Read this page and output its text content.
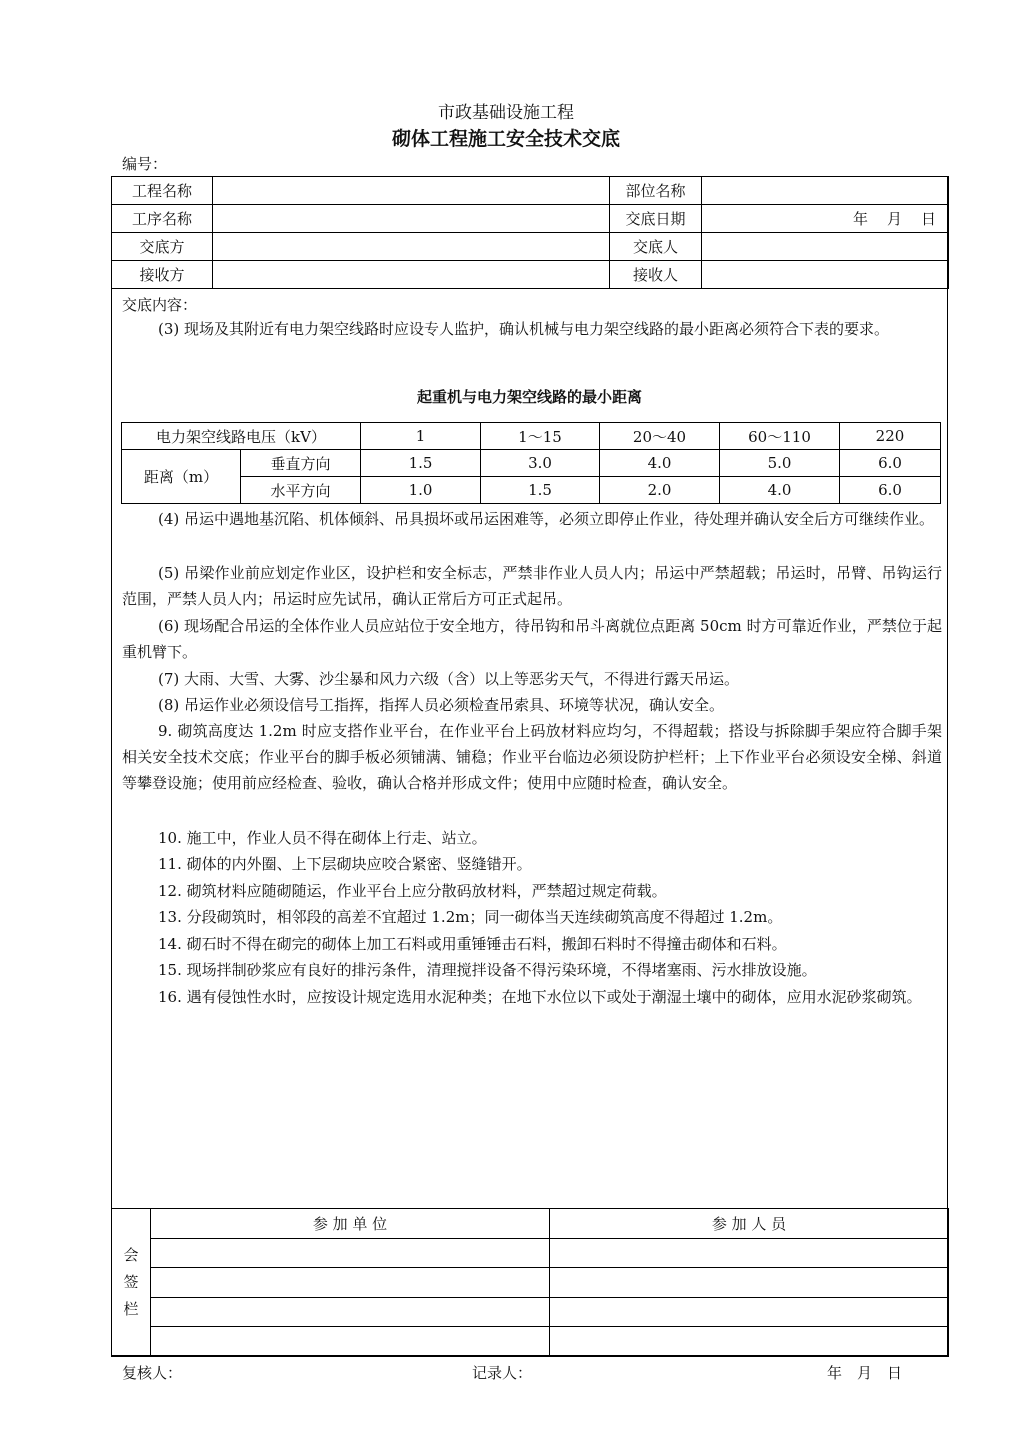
市政基础设施工程
砌体工程施工安全技术交底
编号：
工程名称		部位名称	
工序名称		交底日期	年　月　日
交底方		交底人	
接收方		接收人	
交底内容：
(3) 现场及其附近有电力架空线路时应设专人监护，确认机械与电力架空线路的最小距离必须符合下表的要求。
起重机与电力架空线路的最小距离
电力架空线路电压（kV）		1	1～15	20～40	60～110	220
距离（m）	垂直方向	1.5	3.0	4.0	5.0	6.0
	水平方向	1.0	1.5	2.0	4.0	6.0
(4) 吊运中遇地基沉陷、机体倾斜、吊具损坏或吊运困难等，必须立即停止作业，待处理并确认安全后方可继续作业。
(5) 吊梁作业前应划定作业区，设护栏和安全标志，严禁非作业人员人内；吊运中严禁超载；吊运时，吊臂、吊钩运行范围，严禁人员人内；吊运时应先试吊，确认正常后方可正式起吊。
(6) 现场配合吊运的全体作业人员应站位于安全地方，待吊钩和吊斗离就位点距离 50cm 时方可靠近作业，严禁位于起重机臂下。
(7) 大雨、大雪、大雾、沙尘暴和风力六级（含）以上等恶劣天气，不得进行露天吊运。
(8) 吊运作业必须设信号工指挥，指挥人员必须检查吊索具、环境等状况，确认安全。
9. 砌筑高度达 1.2m 时应支搭作业平台，在作业平台上码放材料应均匀，不得超载；搭设与拆除脚手架应符合脚手架相关安全技术交底；作业平台的脚手板必须铺满、铺稳；作业平台临边必须设防护栏杆；上下作业平台必须设安全梯、斜道等攀登设施；使用前应经检查、验收，确认合格并形成文件；使用中应随时检查，确认安全。
10. 施工中，作业人员不得在砌体上行走、站立。
11. 砌体的内外圈、上下层砌块应咬合紧密、竖缝错开。
12. 砌筑材料应随砌随运，作业平台上应分散码放材料，严禁超过规定荷载。
13. 分段砌筑时，相邻段的高差不宜超过 1.2m；同一砌体当天连续砌筑高度不得超过 1.2m。
14. 砌石时不得在砌完的砌体上加工石料或用重锤锤击石料，搬卸石料时不得撞击砌体和石料。
15. 现场拌制砂浆应有良好的排污条件，清理搅拌设备不得污染环境，不得堵塞雨、污水排放设施。
16. 遇有侵蚀性水时，应按设计规定选用水泥种类；在地下水位以下或处于潮湿土壤中的砌体，应用水泥砂浆砌筑。
会
签
栏	参 加 单 位	参 加 人 员

复核人：	记录人：	年　月　日
